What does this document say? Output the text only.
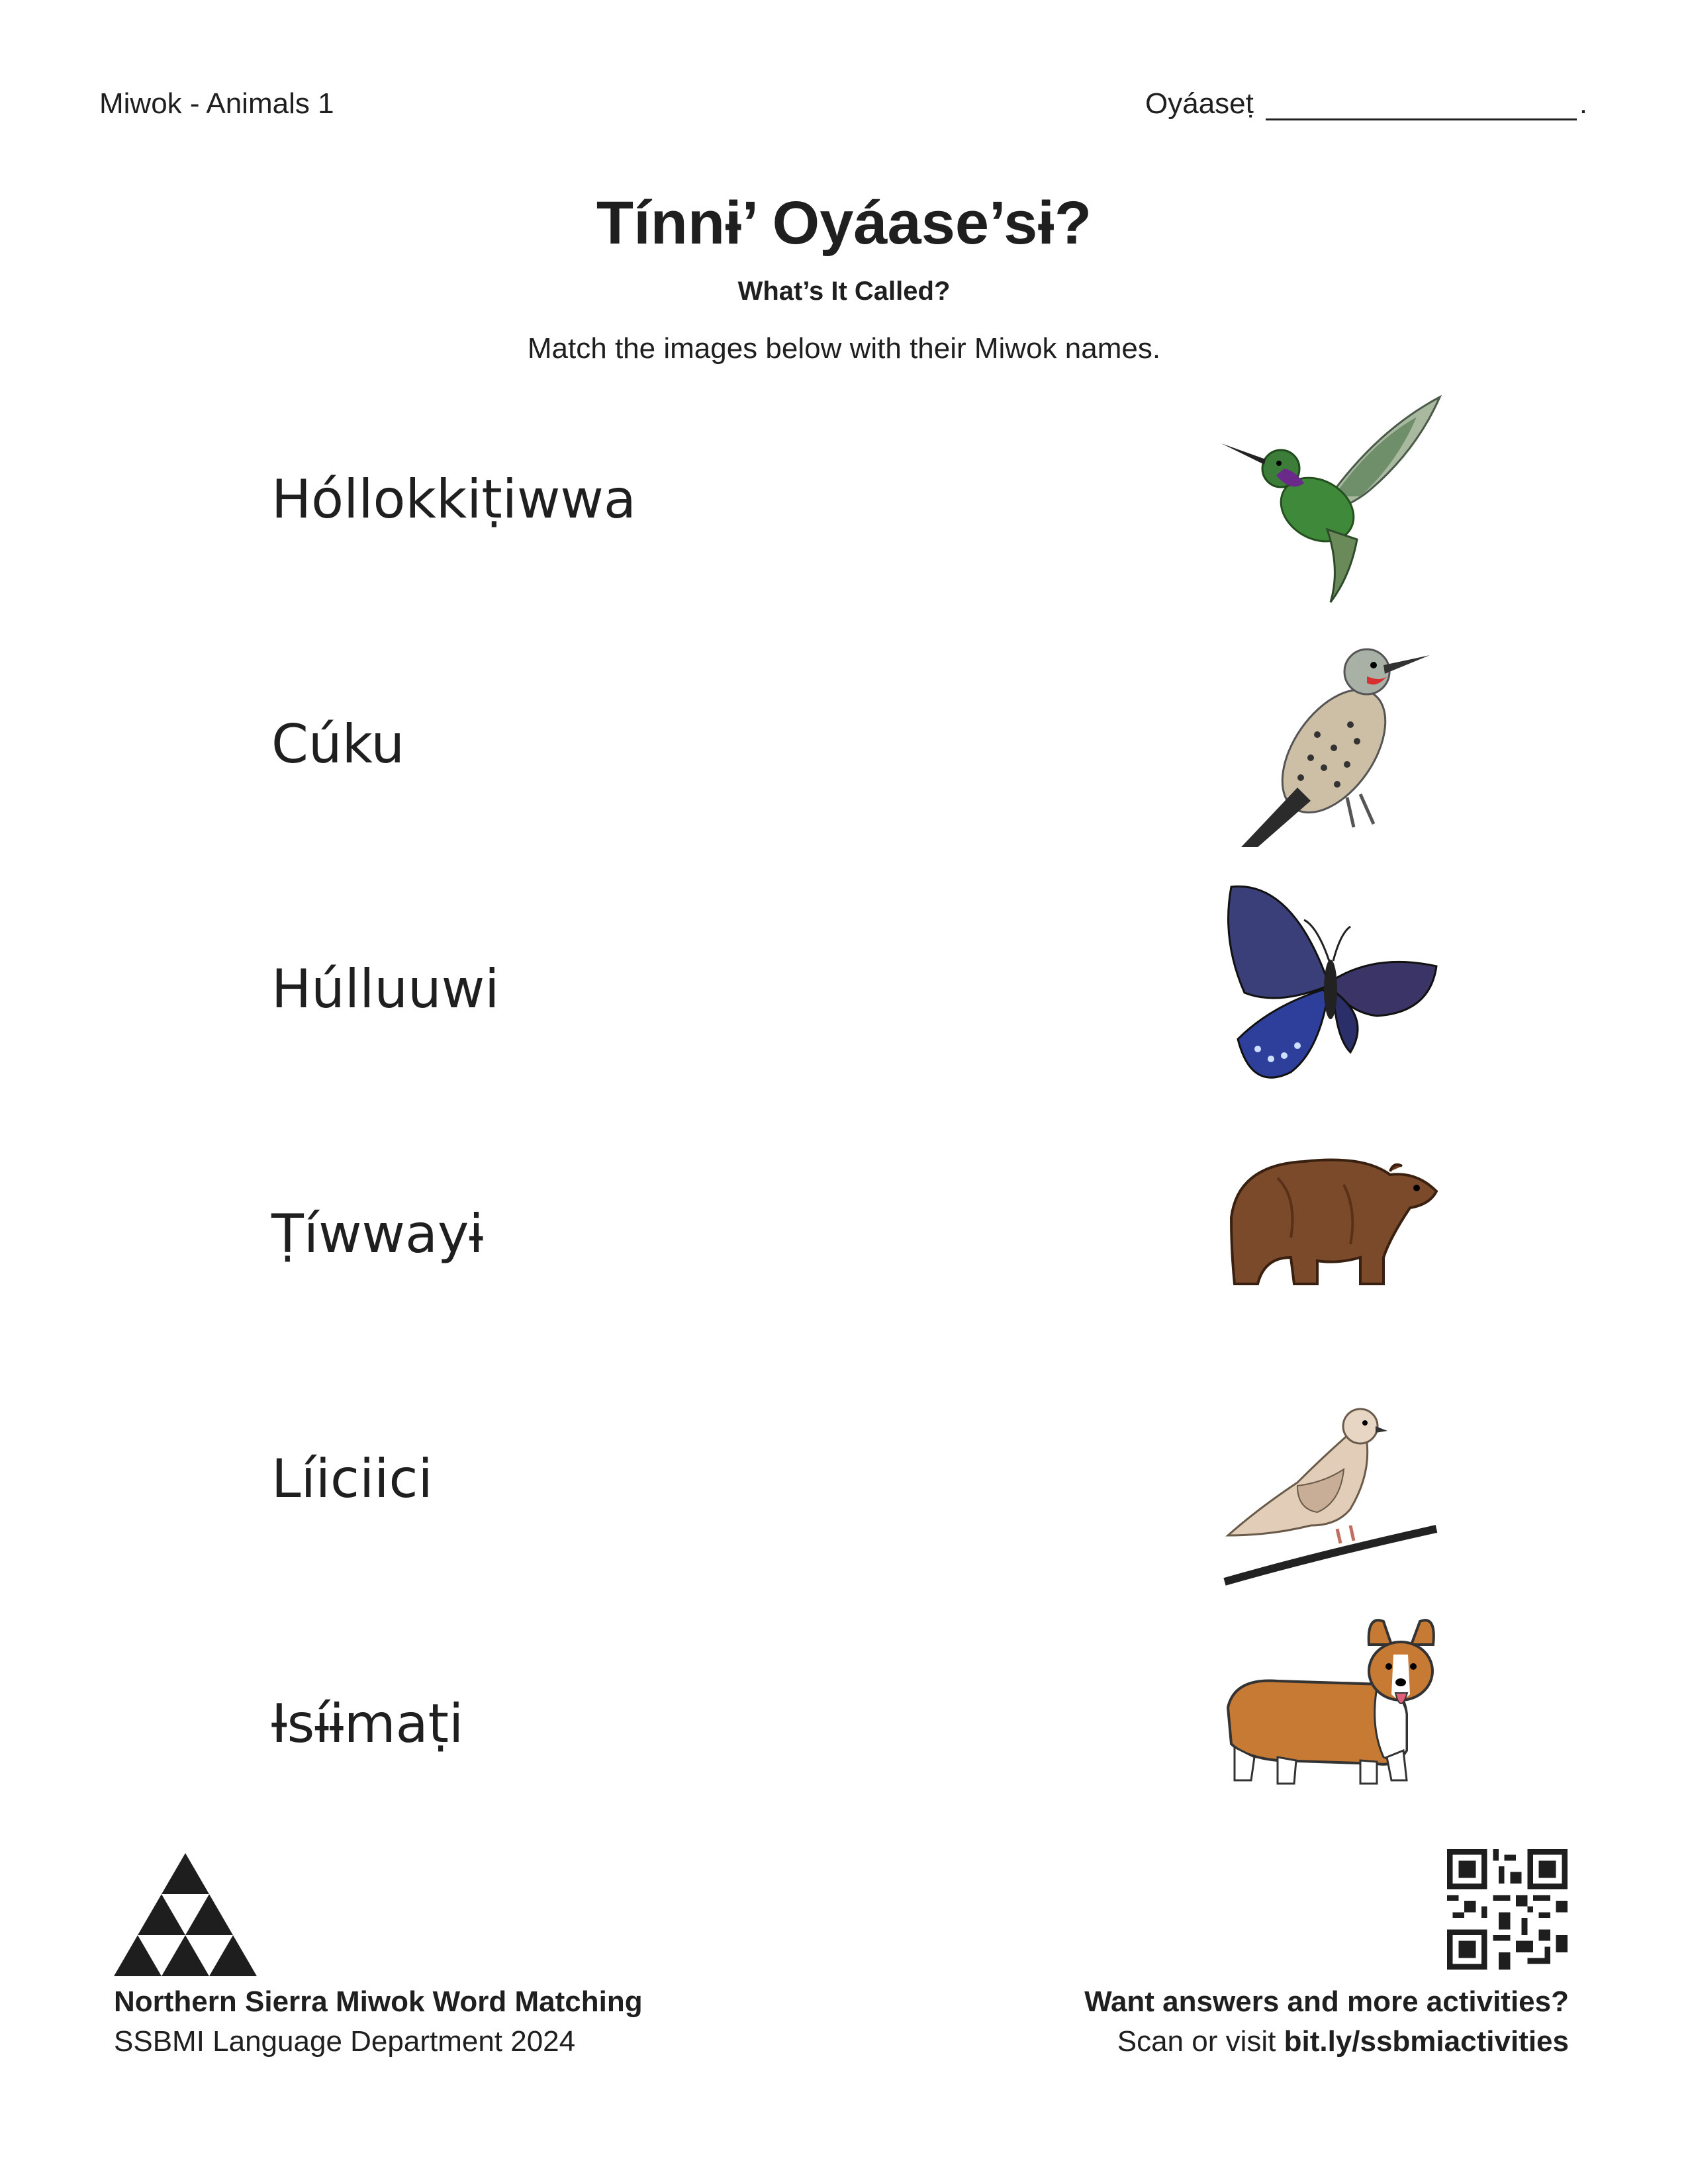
Miwok - Animals 1	Oyáaseṭ	.
Tínnɨ’ Oyáase’sɨ?
What’s It Called?
Match the images below with their Miwok names.
Hóllokkiṭiwwa
Cúku
Húlluuwi
Ṭíwwayɨ
Líiciici
Ɨsɨ́ɨmaṭi
Northern Sierra Miwok Word Matching
SSBMI Language Department 2024
Want answers and more activities?
Scan or visit bit.ly/ssbmiactivities
